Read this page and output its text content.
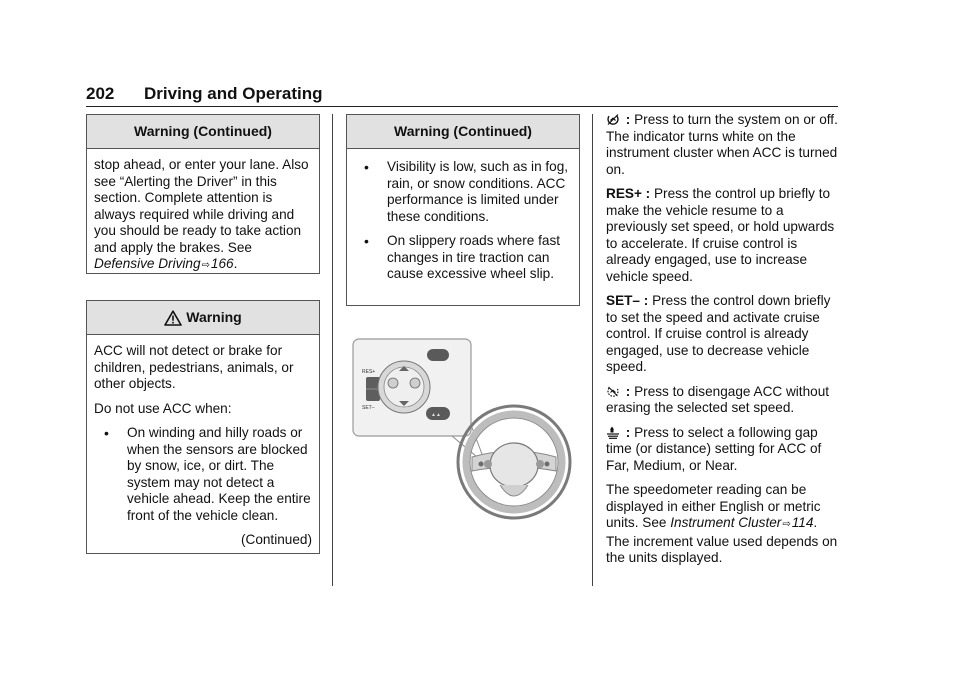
202 Driving and Operating
Warning (Continued)

stop ahead, or enter your lane. Also see “Alerting the Driver” in this section. Complete attention is always required while driving and you should be ready to take action and apply the brakes. See Defensive Driving⇨166.

Warning

ACC will not detect or brake for children, pedestrians, animals, or other objects.

Do not use ACC when:

• On winding and hilly roads or when the sensors are blocked by snow, ice, or dirt. The system may not detect a vehicle ahead. Keep the entire front of the vehicle clean.

(Continued)

Warning (Continued)
• Visibility is low, such as in fog, rain, or snow conditions. ACC performance is limited under these conditions.
• On slippery roads where fast changes in tire traction can cause excessive wheel slip.
RES+
SET–
▲▲

: Press to turn the system on or off. The indicator turns white on the instrument cluster when ACC is turned on.

RES+ : Press the control up briefly to make the vehicle resume to a previously set speed, or hold upwards to accelerate. If cruise control is already engaged, use to increase vehicle speed.

SET– : Press the control down briefly to set the speed and activate cruise control. If cruise control is already engaged, use to decrease vehicle speed.

: Press to disengage ACC without erasing the selected set speed.

: Press to select a following gap time (or distance) setting for ACC of Far, Medium, or Near.

The speedometer reading can be displayed in either English or metric units. See Instrument Cluster⇨114. The increment value used depends on the units displayed.
